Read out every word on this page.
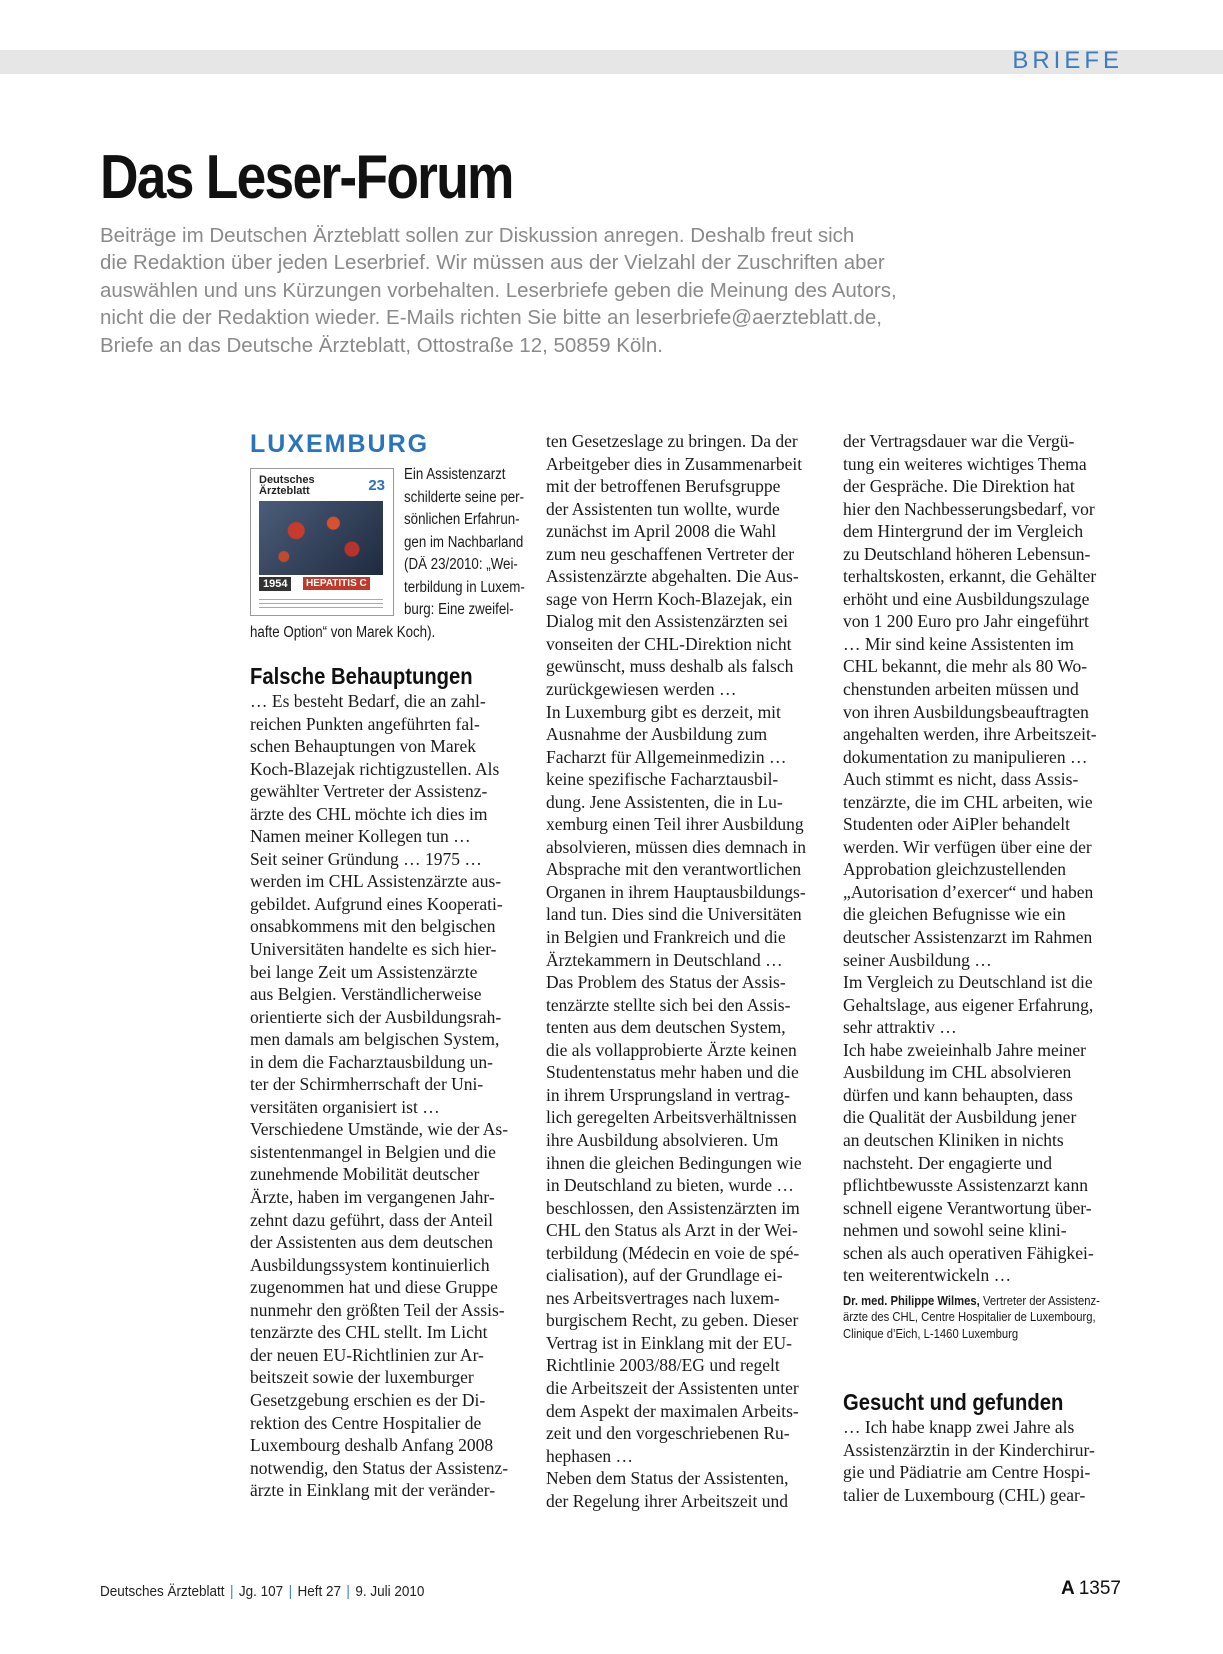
BRIEFE
Das Leser-Forum
Beiträge im Deutschen Ärzteblatt sollen zur Diskussion anregen. Deshalb freut sich
die Redaktion über jeden Leserbrief. Wir müssen aus der Vielzahl der Zuschriften aber
auswählen und uns Kürzungen vorbehalten. Leserbriefe geben die Meinung des Autors,
nicht die der Redaktion wieder. E-Mails richten Sie bitte an leserbriefe@aerzteblatt.de,
Briefe an das Deutsche Ärzteblatt, Ottostraße 12, 50859 Köln.
LUXEMBURG
Deutsches
Ärzteblatt	23
1954	HEPATITIS C
Ein Assistenzarzt
schilderte seine per-
sönlichen Erfahrun-
gen im Nachbarland
(DÄ 23/2010: „Wei-
terbildung in Luxem-
burg: Eine zweifel-
hafte Option“ von Marek Koch).
Falsche Behauptungen
… Es besteht Bedarf, die an zahl-
reichen Punkten angeführten fal-
schen Behauptungen von Marek
Koch-Blazejak richtigzustellen. Als
gewählter Vertreter der Assistenz-
ärzte des CHL möchte ich dies im
Namen meiner Kollegen tun …
Seit seiner Gründung … 1975 …
werden im CHL Assistenzärzte aus-
gebildet. Aufgrund eines Kooperati-
onsabkommens mit den belgischen
Universitäten handelte es sich hier-
bei lange Zeit um Assistenzärzte
aus Belgien. Verständlicherweise
orientierte sich der Ausbildungsrah-
men damals am belgischen System,
in dem die Facharztausbildung un-
ter der Schirmherrschaft der Uni-
versitäten organisiert ist …
Verschiedene Umstände, wie der As-
sistentenmangel in Belgien und die
zunehmende Mobilität deutscher
Ärzte, haben im vergangenen Jahr-
zehnt dazu geführt, dass der Anteil
der Assistenten aus dem deutschen
Ausbildungssystem kontinuierlich
zugenommen hat und diese Gruppe
nunmehr den größten Teil der Assis-
tenzärzte des CHL stellt. Im Licht
der neuen EU-Richtlinien zur Ar-
beitszeit sowie der luxemburger
Gesetzgebung erschien es der Di-
rektion des Centre Hospitalier de
Luxembourg deshalb Anfang 2008
notwendig, den Status der Assistenz-
ärzte in Einklang mit der veränder-
ten Gesetzeslage zu bringen. Da der
Arbeitgeber dies in Zusammenarbeit
mit der betroffenen Berufsgruppe
der Assistenten tun wollte, wurde
zunächst im April 2008 die Wahl
zum neu geschaffenen Vertreter der
Assistenzärzte abgehalten. Die Aus-
sage von Herrn Koch-Blazejak, ein
Dialog mit den Assistenzärzten sei
vonseiten der CHL-Direktion nicht
gewünscht, muss deshalb als falsch
zurückgewiesen werden …
In Luxemburg gibt es derzeit, mit
Ausnahme der Ausbildung zum
Facharzt für Allgemeinmedizin …
keine spezifische Facharztausbil-
dung. Jene Assistenten, die in Lu-
xemburg einen Teil ihrer Ausbildung
absolvieren, müssen dies demnach in
Absprache mit den verantwortlichen
Organen in ihrem Hauptausbildungs-
land tun. Dies sind die Universitäten
in Belgien und Frankreich und die
Ärztekammern in Deutschland …
Das Problem des Status der Assis-
tenzärzte stellte sich bei den Assis-
tenten aus dem deutschen System,
die als vollapprobierte Ärzte keinen
Studentenstatus mehr haben und die
in ihrem Ursprungsland in vertrag-
lich geregelten Arbeitsverhältnissen
ihre Ausbildung absolvieren. Um
ihnen die gleichen Bedingungen wie
in Deutschland zu bieten, wurde …
beschlossen, den Assistenzärzten im
CHL den Status als Arzt in der Wei-
terbildung (Médecin en voie de spé-
cialisation), auf der Grundlage ei-
nes Arbeitsvertrages nach luxem-
burgischem Recht, zu geben. Dieser
Vertrag ist in Einklang mit der EU-
Richtlinie 2003/88/EG und regelt
die Arbeitszeit der Assistenten unter
dem Aspekt der maximalen Arbeits-
zeit und den vorgeschriebenen Ru-
hephasen …
Neben dem Status der Assistenten,
der Regelung ihrer Arbeitszeit und
der Vertragsdauer war die Vergü-
tung ein weiteres wichtiges Thema
der Gespräche. Die Direktion hat
hier den Nachbesserungsbedarf, vor
dem Hintergrund der im Vergleich
zu Deutschland höheren Lebensun-
terhaltskosten, erkannt, die Gehälter
erhöht und eine Ausbildungszulage
von 1 200 Euro pro Jahr eingeführt
… Mir sind keine Assistenten im
CHL bekannt, die mehr als 80 Wo-
chenstunden arbeiten müssen und
von ihren Ausbildungsbeauftragten
angehalten werden, ihre Arbeitszeit-
dokumentation zu manipulieren …
Auch stimmt es nicht, dass Assis-
tenzärzte, die im CHL arbeiten, wie
Studenten oder AiPler behandelt
werden. Wir verfügen über eine der
Approbation gleichzustellenden
„Autorisation d’exercer“ und haben
die gleichen Befugnisse wie ein
deutscher Assistenzarzt im Rahmen
seiner Ausbildung …
Im Vergleich zu Deutschland ist die
Gehaltslage, aus eigener Erfahrung,
sehr attraktiv …
Ich habe zweieinhalb Jahre meiner
Ausbildung im CHL absolvieren
dürfen und kann behaupten, dass
die Qualität der Ausbildung jener
an deutschen Kliniken in nichts
nachsteht. Der engagierte und
pflichtbewusste Assistenzarzt kann
schnell eigene Verantwortung über-
nehmen und sowohl seine klini-
schen als auch operativen Fähigkei-
ten weiterentwickeln …
Dr. med. Philippe Wilmes, Vertreter der Assistenz-
ärzte des CHL, Centre Hospitalier de Luxembourg,
Clinique d’Eich, L-1460 Luxemburg
Gesucht und gefunden
… Ich habe knapp zwei Jahre als
Assistenzärztin in der Kinderchirur-
gie und Pädiatrie am Centre Hospi-
talier de Luxembourg (CHL) gear-
Deutsches Ärzteblatt | Jg. 107 | Heft 27 | 9. Juli 2010	A 1357
